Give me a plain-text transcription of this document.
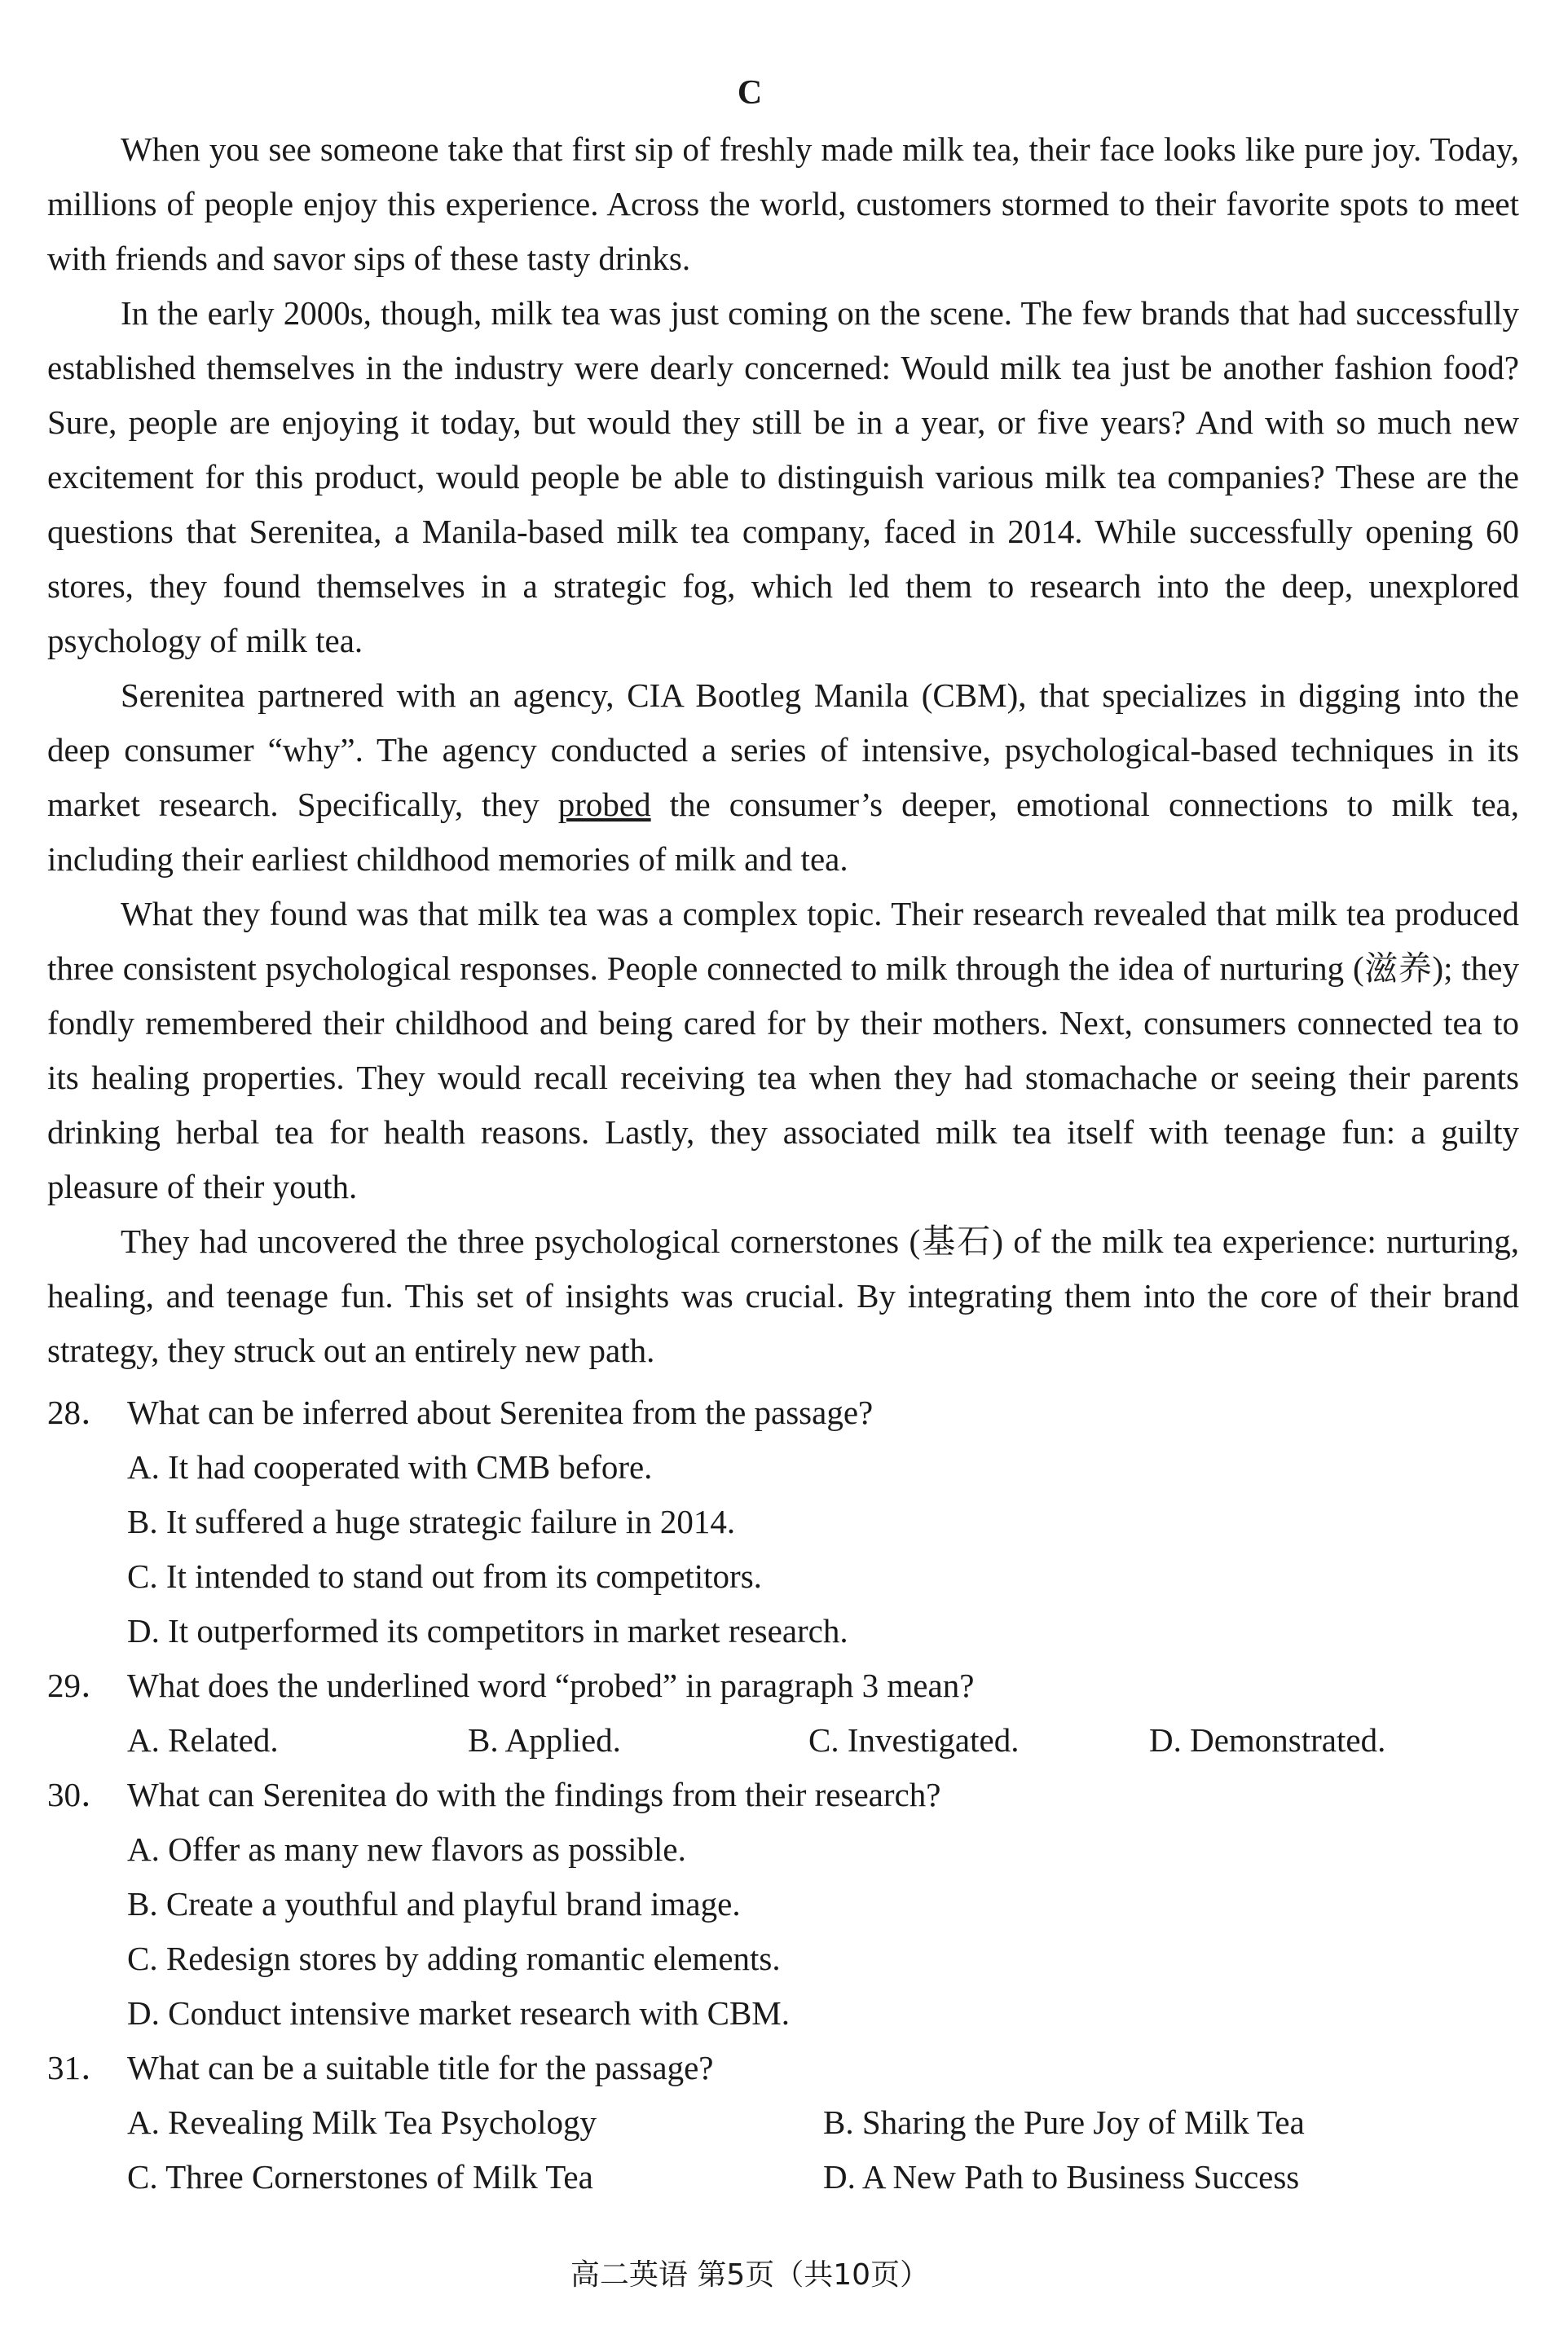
C

When you see someone take that first sip of freshly made milk tea, their face looks like pure joy. Today, millions of people enjoy this experience. Across the world, customers stormed to their favorite spots to meet with friends and savor sips of these tasty drinks.

In the early 2000s, though, milk tea was just coming on the scene. The few brands that had successfully established themselves in the industry were dearly concerned: Would milk tea just be another fashion food? Sure, people are enjoying it today, but would they still be in a year, or five years? And with so much new excitement for this product, would people be able to distinguish various milk tea companies? These are the questions that Serenitea, a Manila-based milk tea company, faced in 2014. While successfully opening 60 stores, they found themselves in a strategic fog, which led them to research into the deep, unexplored psychology of milk tea.

Serenitea partnered with an agency, CIA Bootleg Manila (CBM), that specializes in digging into the deep consumer “why”. The agency conducted a series of intensive, psychological-based techniques in its market research. Specifically, they probed the consumer’s deeper, emotional connections to milk tea, including their earliest childhood memories of milk and tea.

What they found was that milk tea was a complex topic. Their research revealed that milk tea produced three consistent psychological responses. People connected to milk through the idea of nurturing (滋养); they fondly remembered their childhood and being cared for by their mothers. Next, consumers connected tea to its healing properties. They would recall receiving tea when they had stomachache or seeing their parents drinking herbal tea for health reasons. Lastly, they associated milk tea itself with teenage fun: a guilty pleasure of their youth.

They had uncovered the three psychological cornerstones (基石) of the milk tea experience: nurturing, healing, and teenage fun. This set of insights was crucial. By integrating them into the core of their brand strategy, they struck out an entirely new path.

28． What can be inferred about Serenitea from the passage?
A. It had cooperated with CMB before.
B. It suffered a huge strategic failure in 2014.
C. It intended to stand out from its competitors.
D. It outperformed its competitors in market research.
29． What does the underlined word “probed” in paragraph 3 mean?
A. Related.	B. Applied.	C. Investigated.	D. Demonstrated.
30． What can Serenitea do with the findings from their research?
A. Offer as many new flavors as possible.
B. Create a youthful and playful brand image.
C. Redesign stores by adding romantic elements.
D. Conduct intensive market research with CBM.
31． What can be a suitable title for the passage?
A. Revealing Milk Tea Psychology	B. Sharing the Pure Joy of Milk Tea
C. Three Cornerstones of Milk Tea	D. A New Path to Business Success
高二英语 第5页（共10页）
